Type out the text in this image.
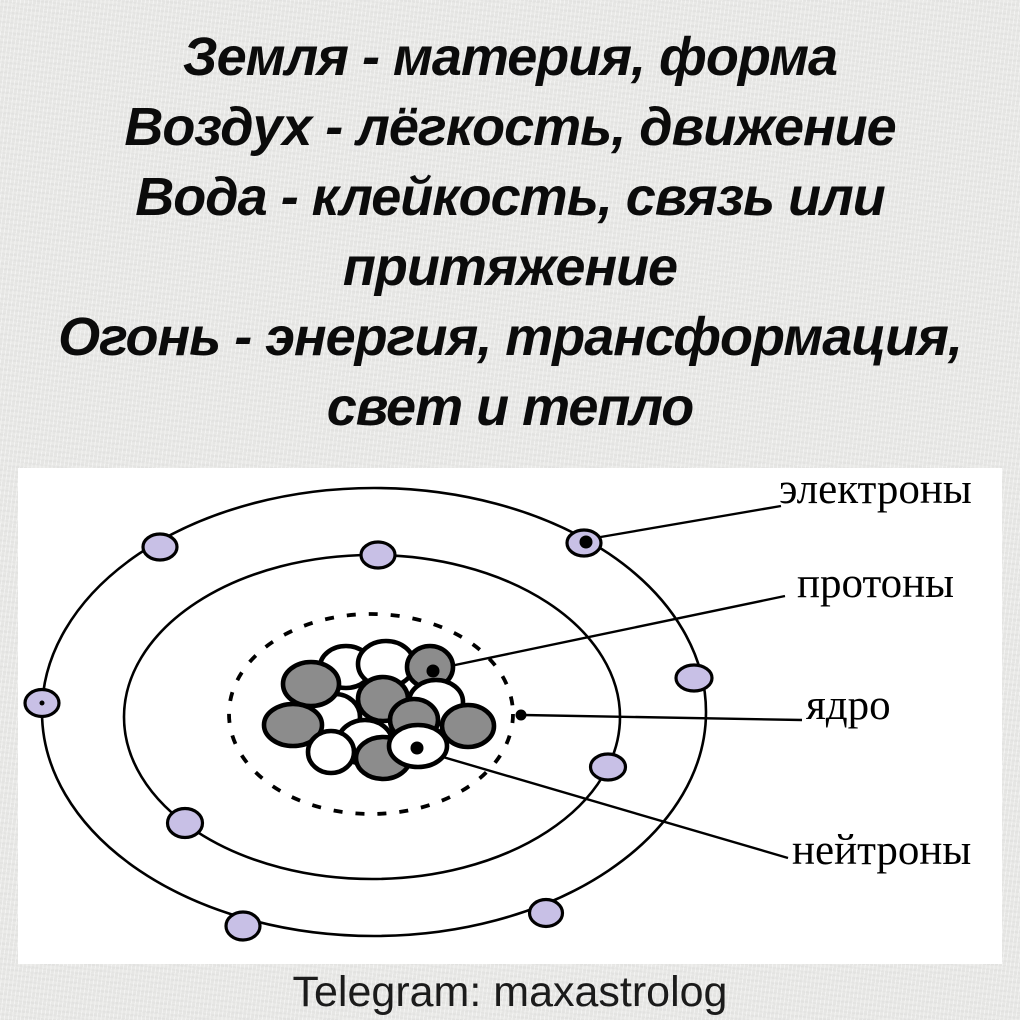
Земля - материя, форма
Воздух - лёгкость, движение
Вода - клейкость, связь или
притяжение
Огонь - энергия, трансформация,
свет и тепло
электроны
протоны
ядро
нейтроны
Telegram: maxastrolog
